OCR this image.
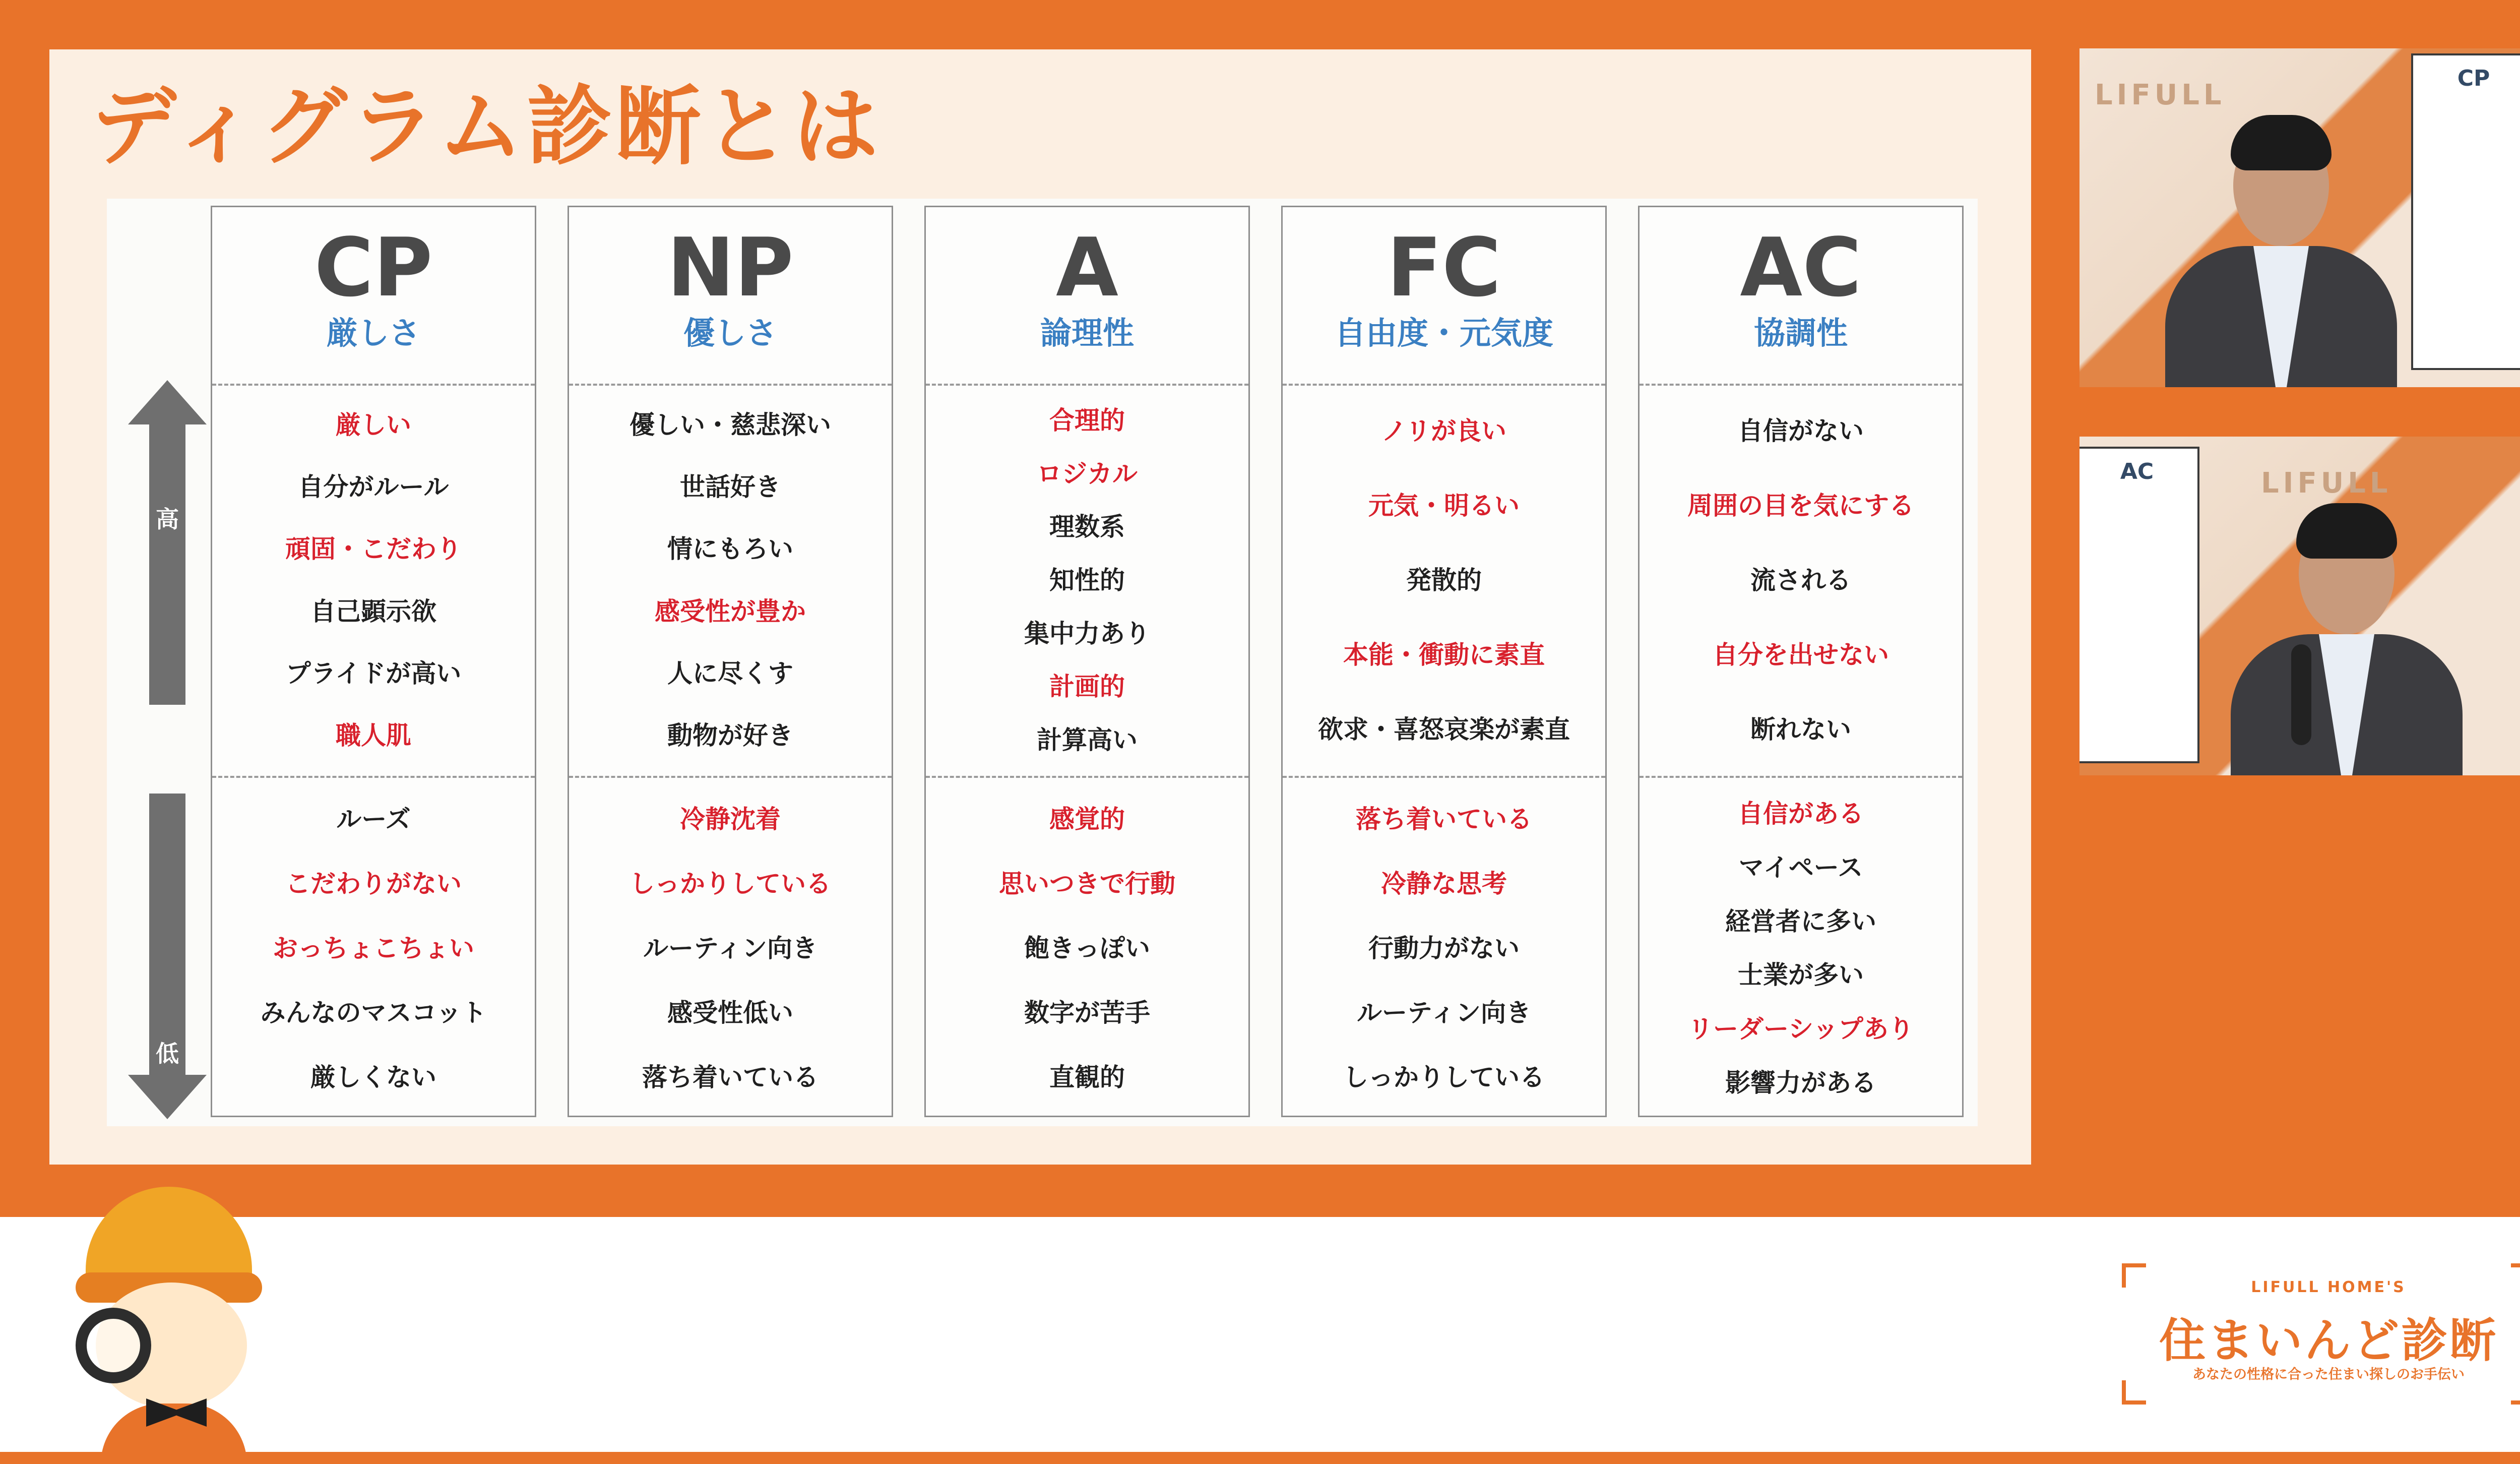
ディグラム診断とは
高
低
CP
厳しさ
厳しい
自分がルール
頑固・こだわり
自己顕示欲
プライドが高い
職人肌
ルーズ
こだわりがない
おっちょこちょい
みんなのマスコット
厳しくない
NP
優しさ
優しい・慈悲深い
世話好き
情にもろい
感受性が豊か
人に尽くす
動物が好き
冷静沈着
しっかりしている
ルーティン向き
感受性低い
落ち着いている
A
論理性
合理的
ロジカル
理数系
知性的
集中力あり
計画的
計算高い
感覚的
思いつきで行動
飽きっぽい
数字が苦手
直観的
FC
自由度・元気度
ノリが良い
元気・明るい
発散的
本能・衝動に素直
欲求・喜怒哀楽が素直
落ち着いている
冷静な思考
行動力がない
ルーティン向き
しっかりしている
AC
協調性
自信がない
周囲の目を気にする
流される
自分を出せない
断れない
自信がある
マイペース
経営者に多い
士業が多い
リーダーシップあり
影響力がある
LIFULL
CP
LIFULL
AC
LIFULL HOME'S
住まいんど診断
あなたの性格に合った住まい探しのお手伝い
